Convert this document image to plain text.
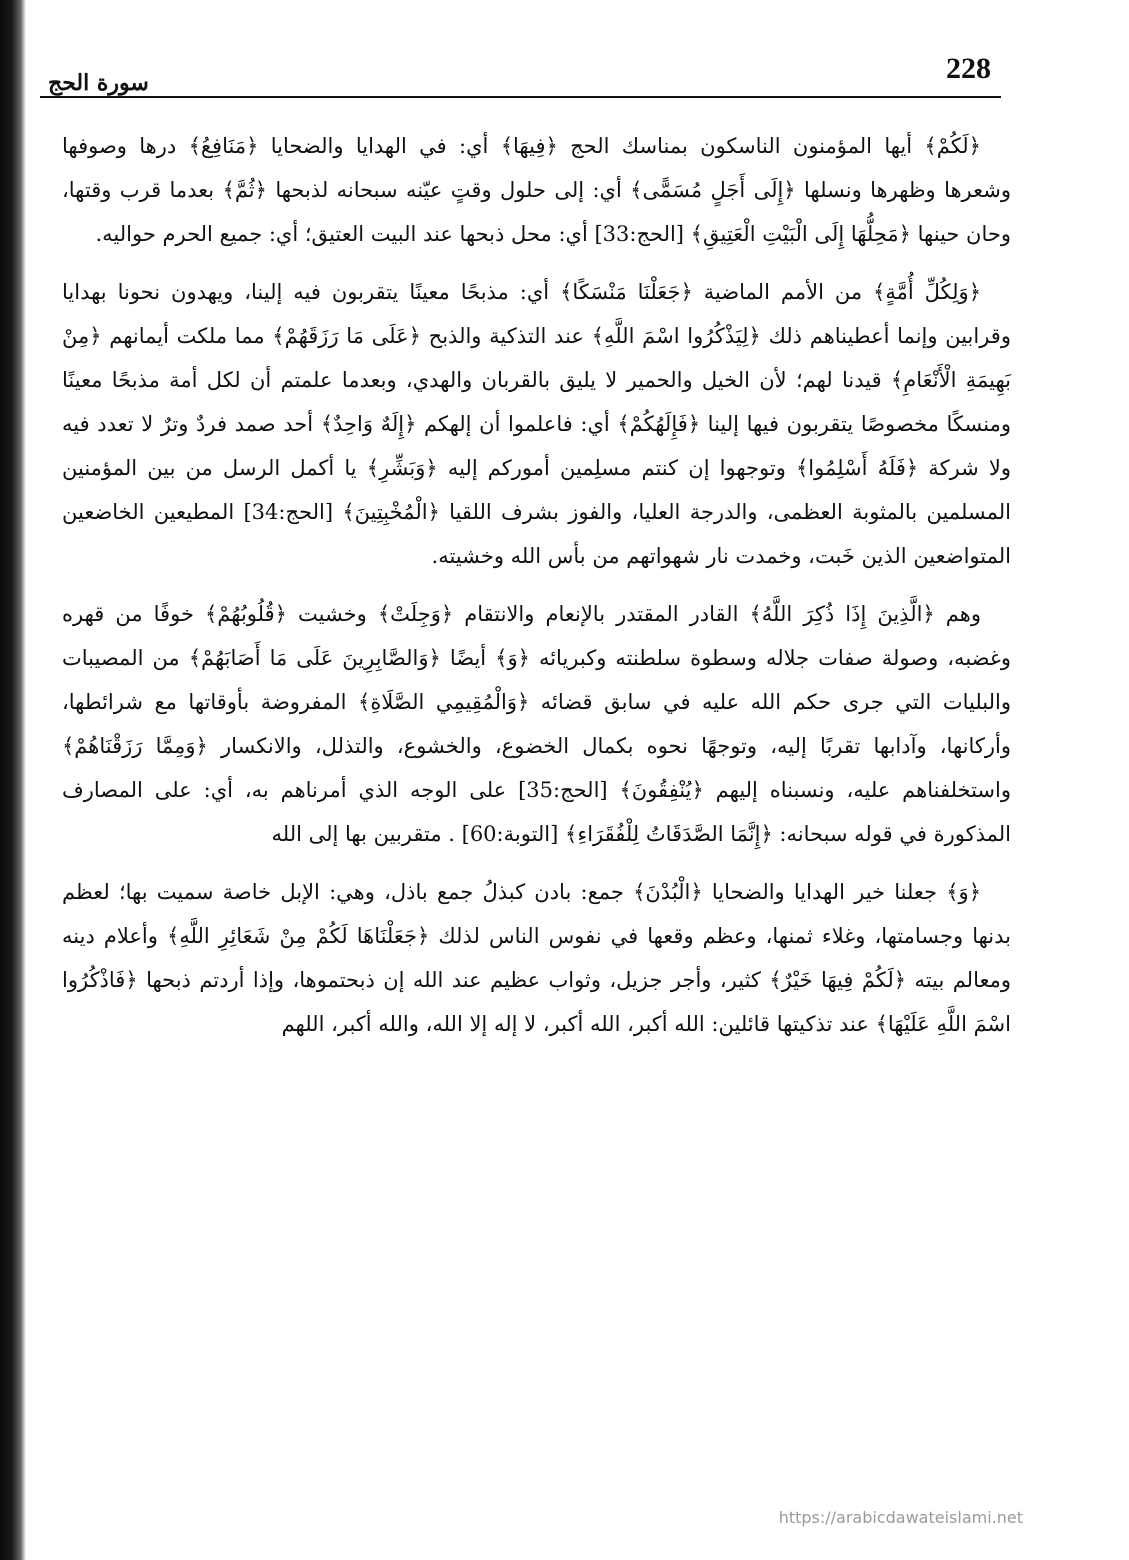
228
سورة الحج

﴿لَكُمْ﴾ أيها المؤمنون الناسكون بمناسك الحج ﴿فِيهَا﴾ أي: في الهدايا والضحايا ﴿مَنَافِعُ﴾ درها وصوفها وشعرها وظهرها ونسلها ﴿إِلَى أَجَلٍ مُسَمًّى﴾ أي: إلى حلول وقتٍ عيّنه سبحانه لذبحها ﴿ثُمَّ﴾ بعدما قرب وقتها، وحان حينها ﴿مَحِلُّهَا إِلَى الْبَيْتِ الْعَتِيقِ﴾ [الحج:33] أي: محل ذبحها عند البيت العتيق؛ أي: جميع الحرم حواليه.

﴿وَلِكُلِّ أُمَّةٍ﴾ من الأمم الماضية ﴿جَعَلْنَا مَنْسَكًا﴾ أي: مذبحًا معينًا يتقربون فيه إلينا، ويهدون نحونا بهدايا وقرابين وإنما أعطيناهم ذلك ﴿لِيَذْكُرُوا اسْمَ اللَّهِ﴾ عند التذكية والذبح ﴿عَلَى مَا رَزَقَهُمْ﴾ مما ملكت أيمانهم ﴿مِنْ بَهِيمَةِ الْأَنْعَامِ﴾ قيدنا لهم؛ لأن الخيل والحمير لا يليق بالقربان والهدي، وبعدما علمتم أن لكل أمة مذبحًا معينًا ومنسكًا مخصوصًا يتقربون فيها إلينا ﴿فَإِلَهُكُمْ﴾ أي: فاعلموا أن إلهكم ﴿إِلَهٌ وَاحِدٌ﴾ أحد صمد فردٌ وترٌ لا تعدد فيه ولا شركة ﴿فَلَهُ أَسْلِمُوا﴾ وتوجهوا إن كنتم مسلِمين أموركم إليه ﴿وَبَشِّرِ﴾ يا أكمل الرسل من بين المؤمنين المسلمين بالمثوبة العظمى، والدرجة العليا، والفوز بشرف اللقيا ﴿الْمُخْبِتِينَ﴾ [الحج:34] المطيعين الخاضعين المتواضعين الذين خَبت، وخمدت نار شهواتهم من بأس الله وخشيته.

وهم ﴿الَّذِينَ إِذَا ذُكِرَ اللَّهُ﴾ القادر المقتدر بالإنعام والانتقام ﴿وَجِلَتْ﴾ وخشيت ﴿قُلُوبُهُمْ﴾ خوفًا من قهره وغضبه، وصولة صفات جلاله وسطوة سلطنته وكبريائه ﴿وَ﴾ أيضًا ﴿وَالصَّابِرِينَ عَلَى مَا أَصَابَهُمْ﴾ من المصيبات والبليات التي جرى حكم الله عليه في سابق قضائه ﴿وَالْمُقِيمِي الصَّلَاةِ﴾ المفروضة بأوقاتها مع شرائطها، وأركانها، وآدابها تقربًا إليه، وتوجهًا نحوه بكمال الخضوع، والخشوع، والتذلل، والانكسار ﴿وَمِمَّا رَزَقْنَاهُمْ﴾ واستخلفناهم عليه، ونسبناه إليهم ﴿يُنْفِقُونَ﴾ [الحج:35] على الوجه الذي أمرناهم به، أي: على المصارف المذكورة في قوله سبحانه: ﴿إِنَّمَا الصَّدَقَاتُ لِلْفُقَرَاءِ﴾ [التوبة:60] . متقربين بها إلى الله

﴿وَ﴾ جعلنا خير الهدايا والضحايا ﴿الْبُدْنَ﴾ جمع: بادن كبذلُ جمع باذل، وهي: الإبل خاصة سميت بها؛ لعظم بدنها وجسامتها، وغلاء ثمنها، وعظم وقعها في نفوس الناس لذلك ﴿جَعَلْنَاهَا لَكُمْ مِنْ شَعَائِرِ اللَّهِ﴾ وأعلام دينه ومعالم بيته ﴿لَكُمْ فِيهَا خَيْرٌ﴾ كثير، وأجر جزيل، وثواب عظيم عند الله إن ذبحتموها، وإذا أردتم ذبحها ﴿فَاذْكُرُوا اسْمَ اللَّهِ عَلَيْهَا﴾ عند تذكيتها قائلين: الله أكبر، الله أكبر، لا إله إلا الله، والله أكبر، اللهم

https://arabicdawateislami.net
